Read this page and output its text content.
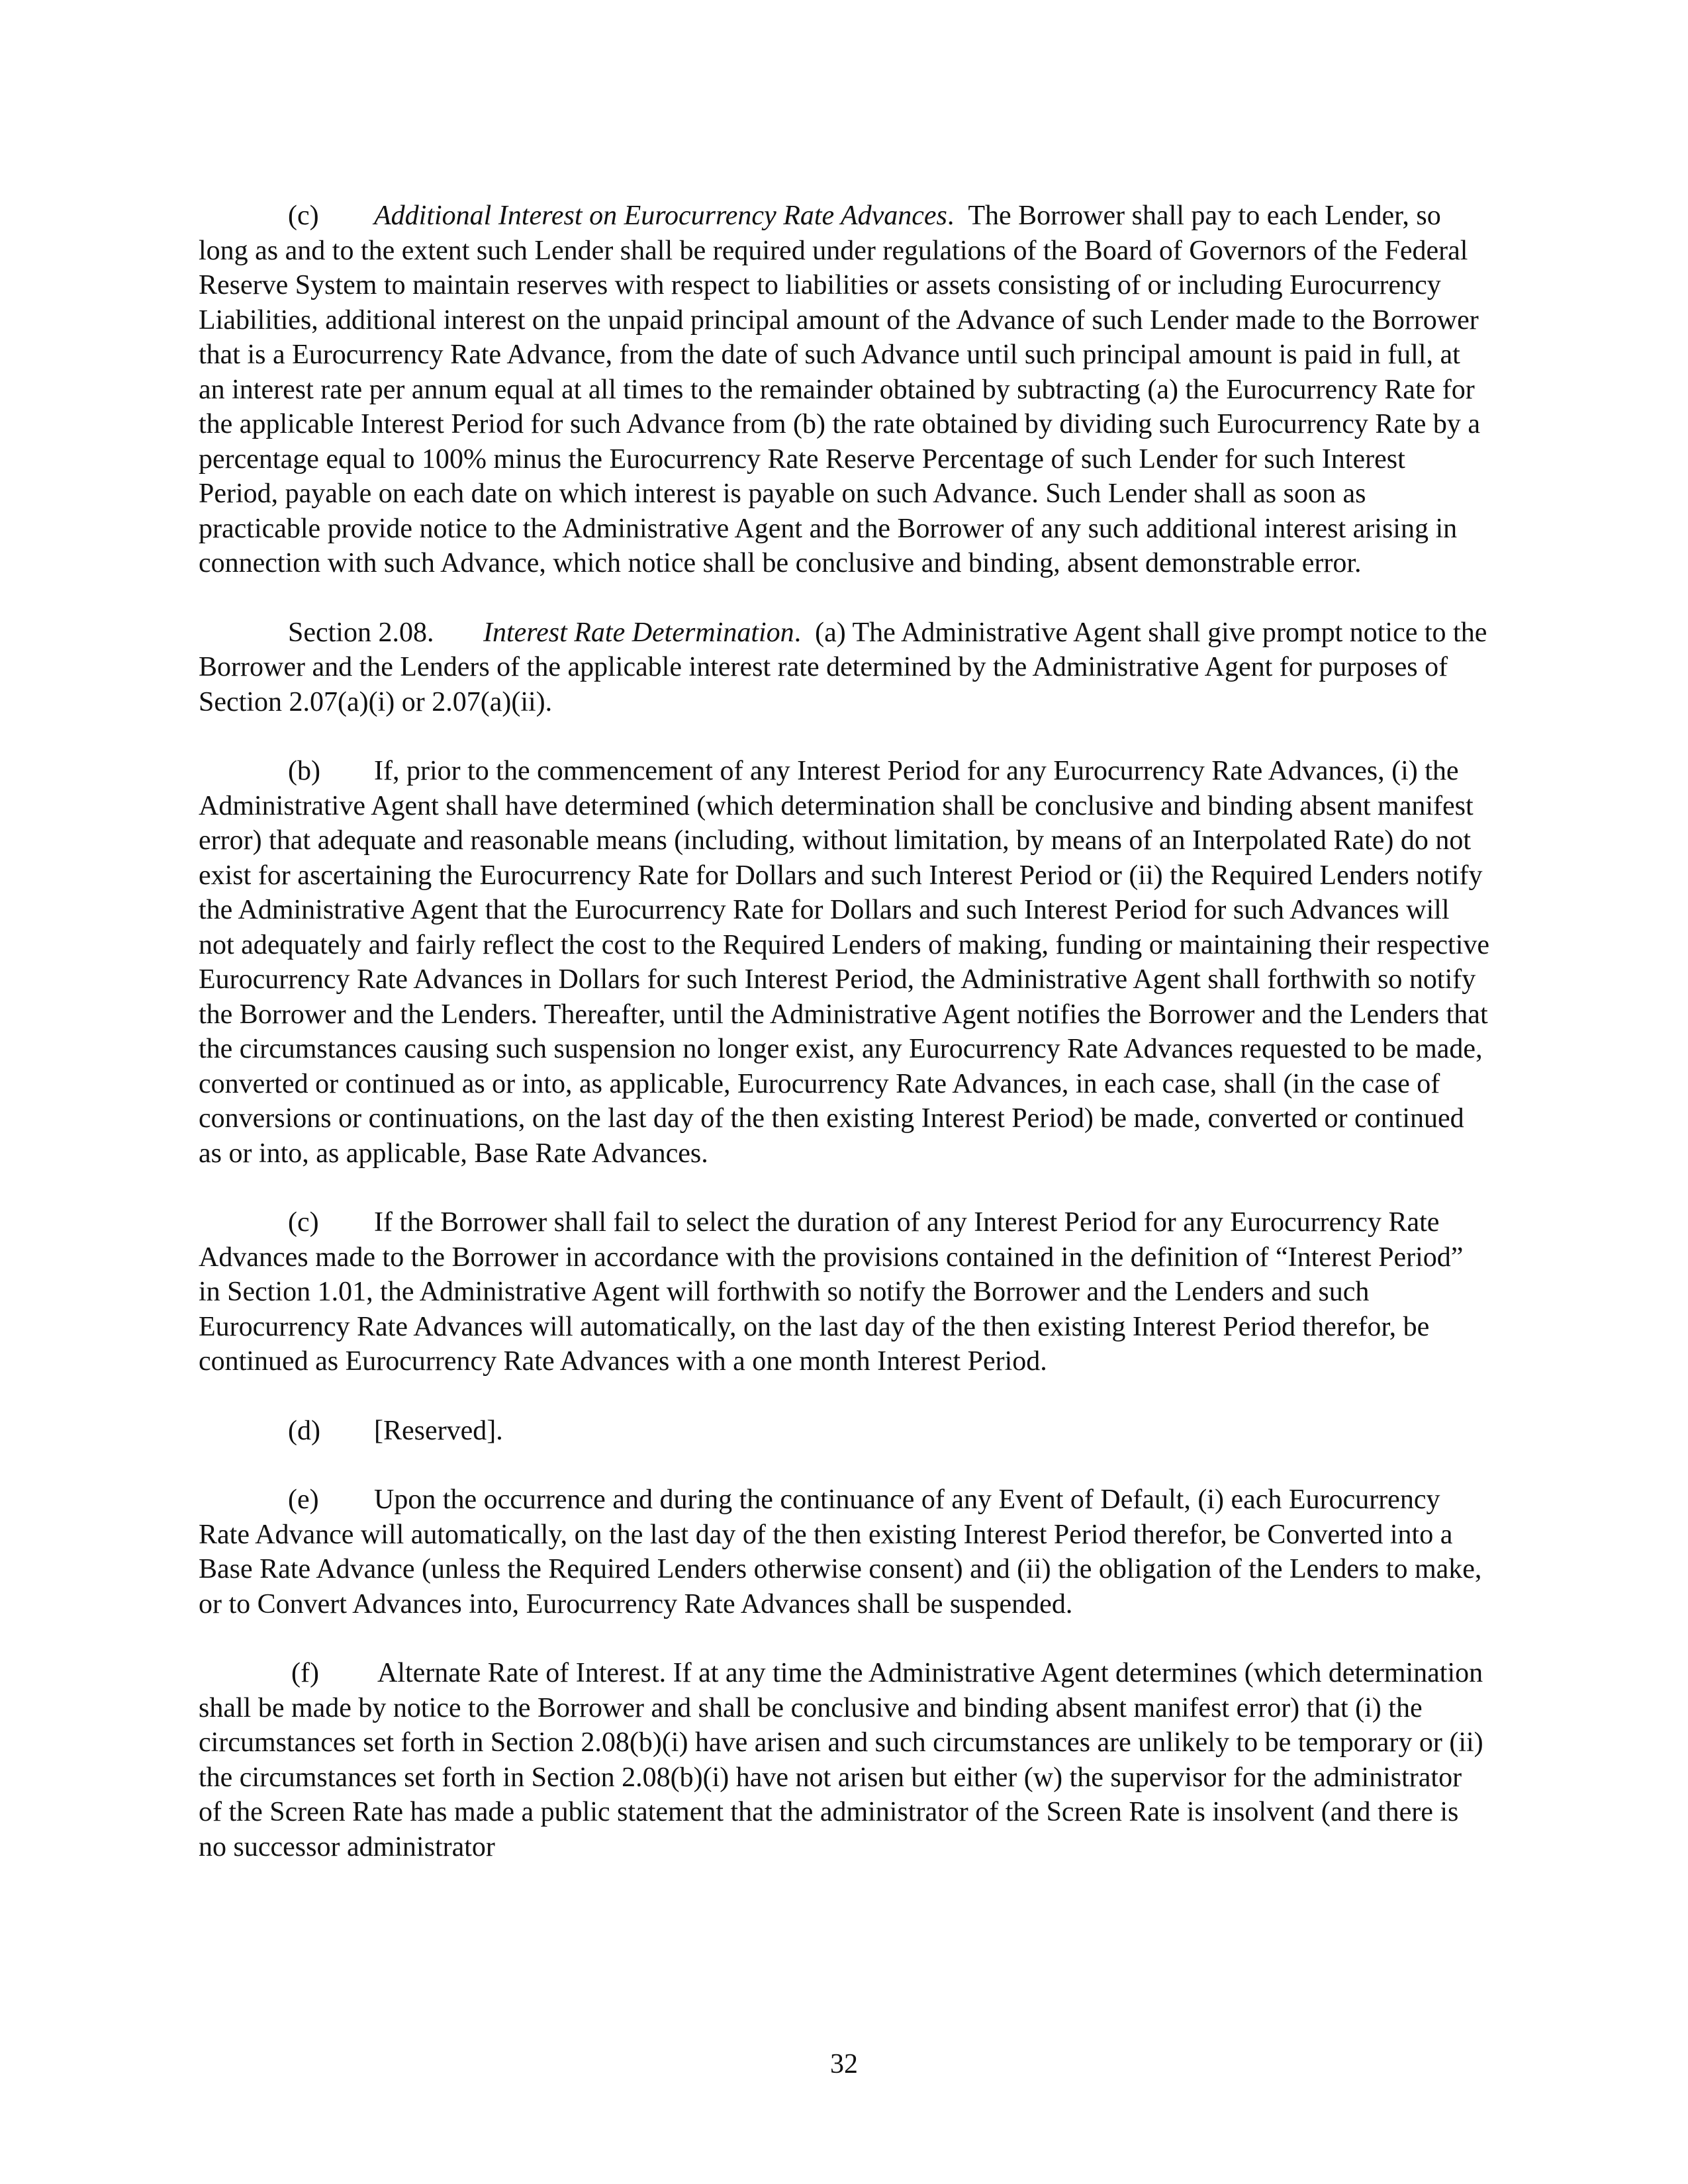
(c) Additional Interest on Eurocurrency Rate Advances. The Borrower shall pay to each Lender, so long as and to the extent such Lender shall be required under regulations of the Board of Governors of the Federal Reserve System to maintain reserves with respect to liabilities or assets consisting of or including Eurocurrency Liabilities, additional interest on the unpaid principal amount of the Advance of such Lender made to the Borrower that is a Eurocurrency Rate Advance, from the date of such Advance until such principal amount is paid in full, at an interest rate per annum equal at all times to the remainder obtained by subtracting (a) the Eurocurrency Rate for the applicable Interest Period for such Advance from (b) the rate obtained by dividing such Eurocurrency Rate by a percentage equal to 100% minus the Eurocurrency Rate Reserve Percentage of such Lender for such Interest Period, payable on each date on which interest is payable on such Advance. Such Lender shall as soon as practicable provide notice to the Administrative Agent and the Borrower of any such additional interest arising in connection with such Advance, which notice shall be conclusive and binding, absent demonstrable error.

Section 2.08. Interest Rate Determination. (a) The Administrative Agent shall give prompt notice to the Borrower and the Lenders of the applicable interest rate determined by the Administrative Agent for purposes of Section 2.07(a)(i) or 2.07(a)(ii).

(b) If, prior to the commencement of any Interest Period for any Eurocurrency Rate Advances, (i) the Administrative Agent shall have determined (which determination shall be conclusive and binding absent manifest error) that adequate and reasonable means (including, without limitation, by means of an Interpolated Rate) do not exist for ascertaining the Eurocurrency Rate for Dollars and such Interest Period or (ii) the Required Lenders notify the Administrative Agent that the Eurocurrency Rate for Dollars and such Interest Period for such Advances will not adequately and fairly reflect the cost to the Required Lenders of making, funding or maintaining their respective Eurocurrency Rate Advances in Dollars for such Interest Period, the Administrative Agent shall forthwith so notify the Borrower and the Lenders. Thereafter, until the Administrative Agent notifies the Borrower and the Lenders that the circumstances causing such suspension no longer exist, any Eurocurrency Rate Advances requested to be made, converted or continued as or into, as applicable, Eurocurrency Rate Advances, in each case, shall (in the case of conversions or continuations, on the last day of the then existing Interest Period) be made, converted or continued as or into, as applicable, Base Rate Advances.

(c) If the Borrower shall fail to select the duration of any Interest Period for any Eurocurrency Rate Advances made to the Borrower in accordance with the provisions contained in the definition of “Interest Period” in Section 1.01, the Administrative Agent will forthwith so notify the Borrower and the Lenders and such Eurocurrency Rate Advances will automatically, on the last day of the then existing Interest Period therefor, be continued as Eurocurrency Rate Advances with a one month Interest Period.

(d) [Reserved].

(e) Upon the occurrence and during the continuance of any Event of Default, (i) each Eurocurrency Rate Advance will automatically, on the last day of the then existing Interest Period therefor, be Converted into a Base Rate Advance (unless the Required Lenders otherwise consent) and (ii) the obligation of the Lenders to make, or to Convert Advances into, Eurocurrency Rate Advances shall be suspended.

(f) Alternate Rate of Interest. If at any time the Administrative Agent determines (which determination shall be made by notice to the Borrower and shall be conclusive and binding absent manifest error) that (i) the circumstances set forth in Section 2.08(b)(i) have arisen and such circumstances are unlikely to be temporary or (ii) the circumstances set forth in Section 2.08(b)(i) have not arisen but either (w) the supervisor for the administrator of the Screen Rate has made a public statement that the administrator of the Screen Rate is insolvent (and there is no successor administrator

32
